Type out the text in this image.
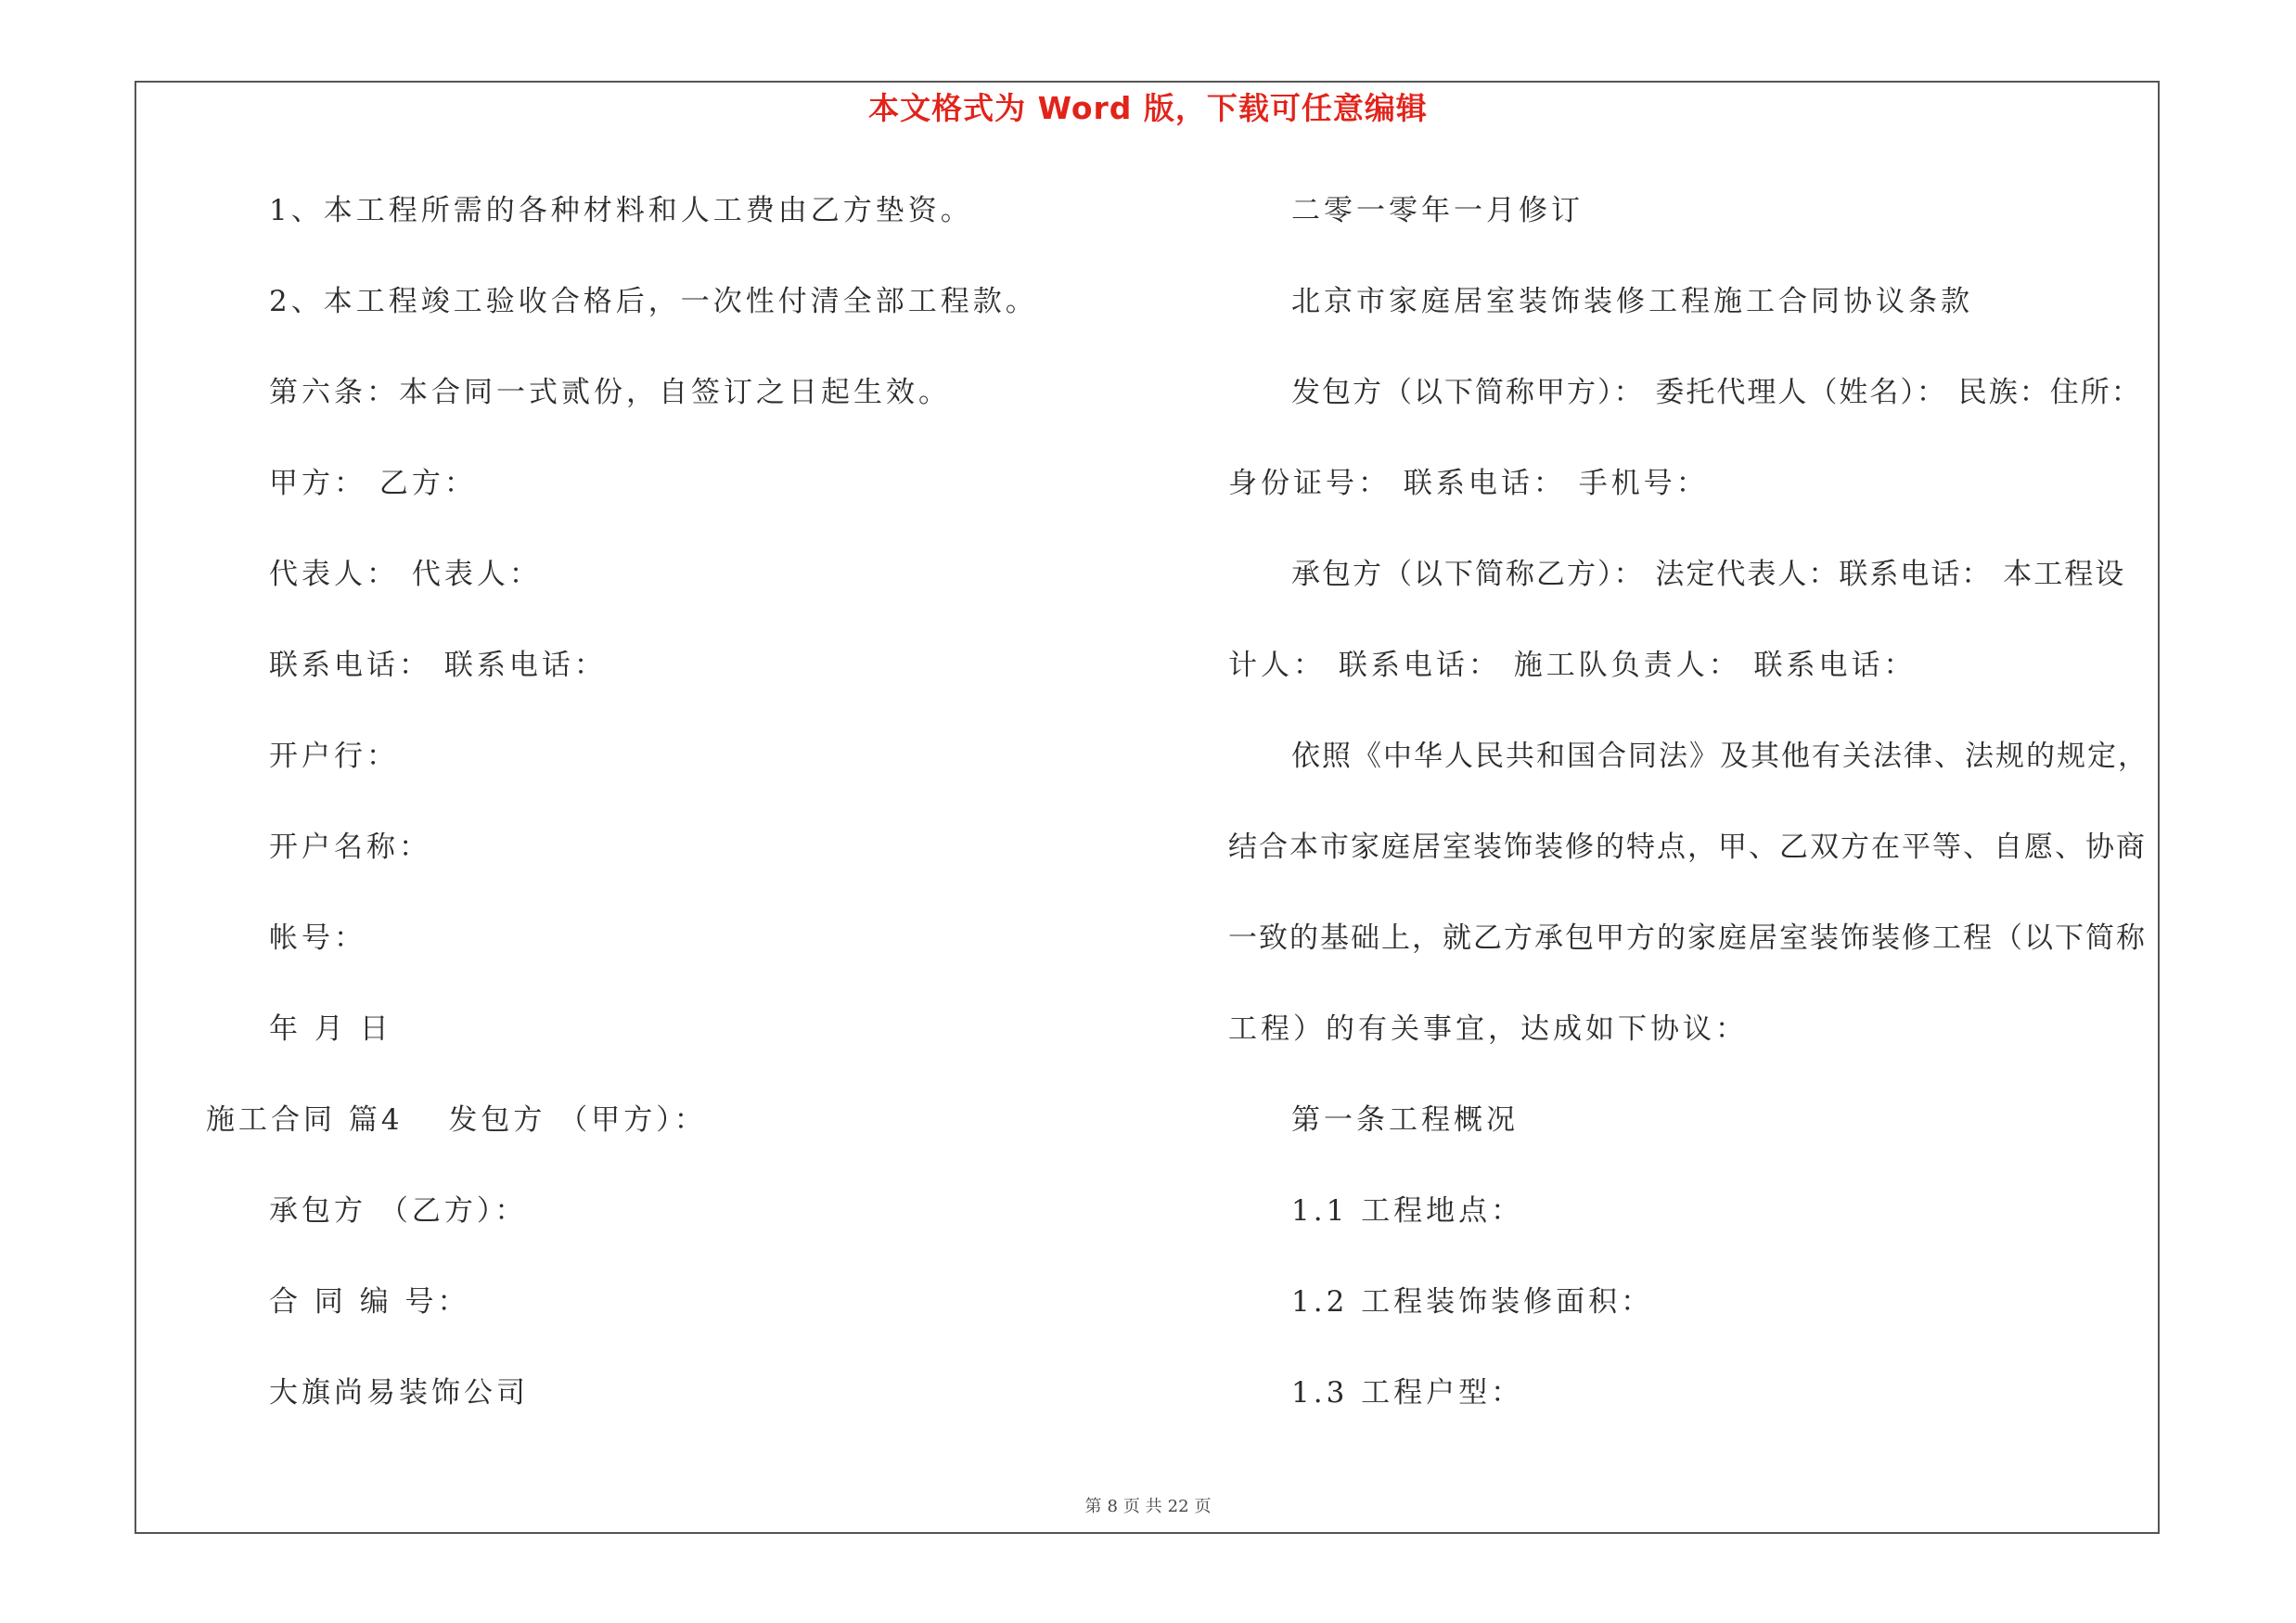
本文格式为 Word 版，下载可任意编辑
1、本工程所需的各种材料和人工费由乙方垫资。
2、本工程竣工验收合格后，一次性付清全部工程款。
第六条：本合同一式贰份，自签订之日起生效。
甲方： 乙方：
代表人： 代表人：
联系电话： 联系电话：
开户行：
开户名称：
帐号：
年 月 日
施工合同 篇4　 发包方 （甲方）：
承包方 （乙方）：
合 同 编 号：
大旗尚易装饰公司
二零一零年一月修订
北京市家庭居室装饰装修工程施工合同协议条款
发包方（以下简称甲方）： 委托代理人（姓名）： 民族：住所：
身份证号： 联系电话： 手机号：
承包方（以下简称乙方）： 法定代表人：联系电话： 本工程设
计人： 联系电话： 施工队负责人： 联系电话：
依照《中华人民共和国合同法》及其他有关法律、法规的规定，
结合本市家庭居室装饰装修的特点，甲、乙双方在平等、自愿、协商
一致的基础上，就乙方承包甲方的家庭居室装饰装修工程（以下简称
工程）的有关事宜，达成如下协议：
第一条工程概况
1.1 工程地点：
1.2 工程装饰装修面积：
1.3 工程户型：
第 8 页 共 22 页
